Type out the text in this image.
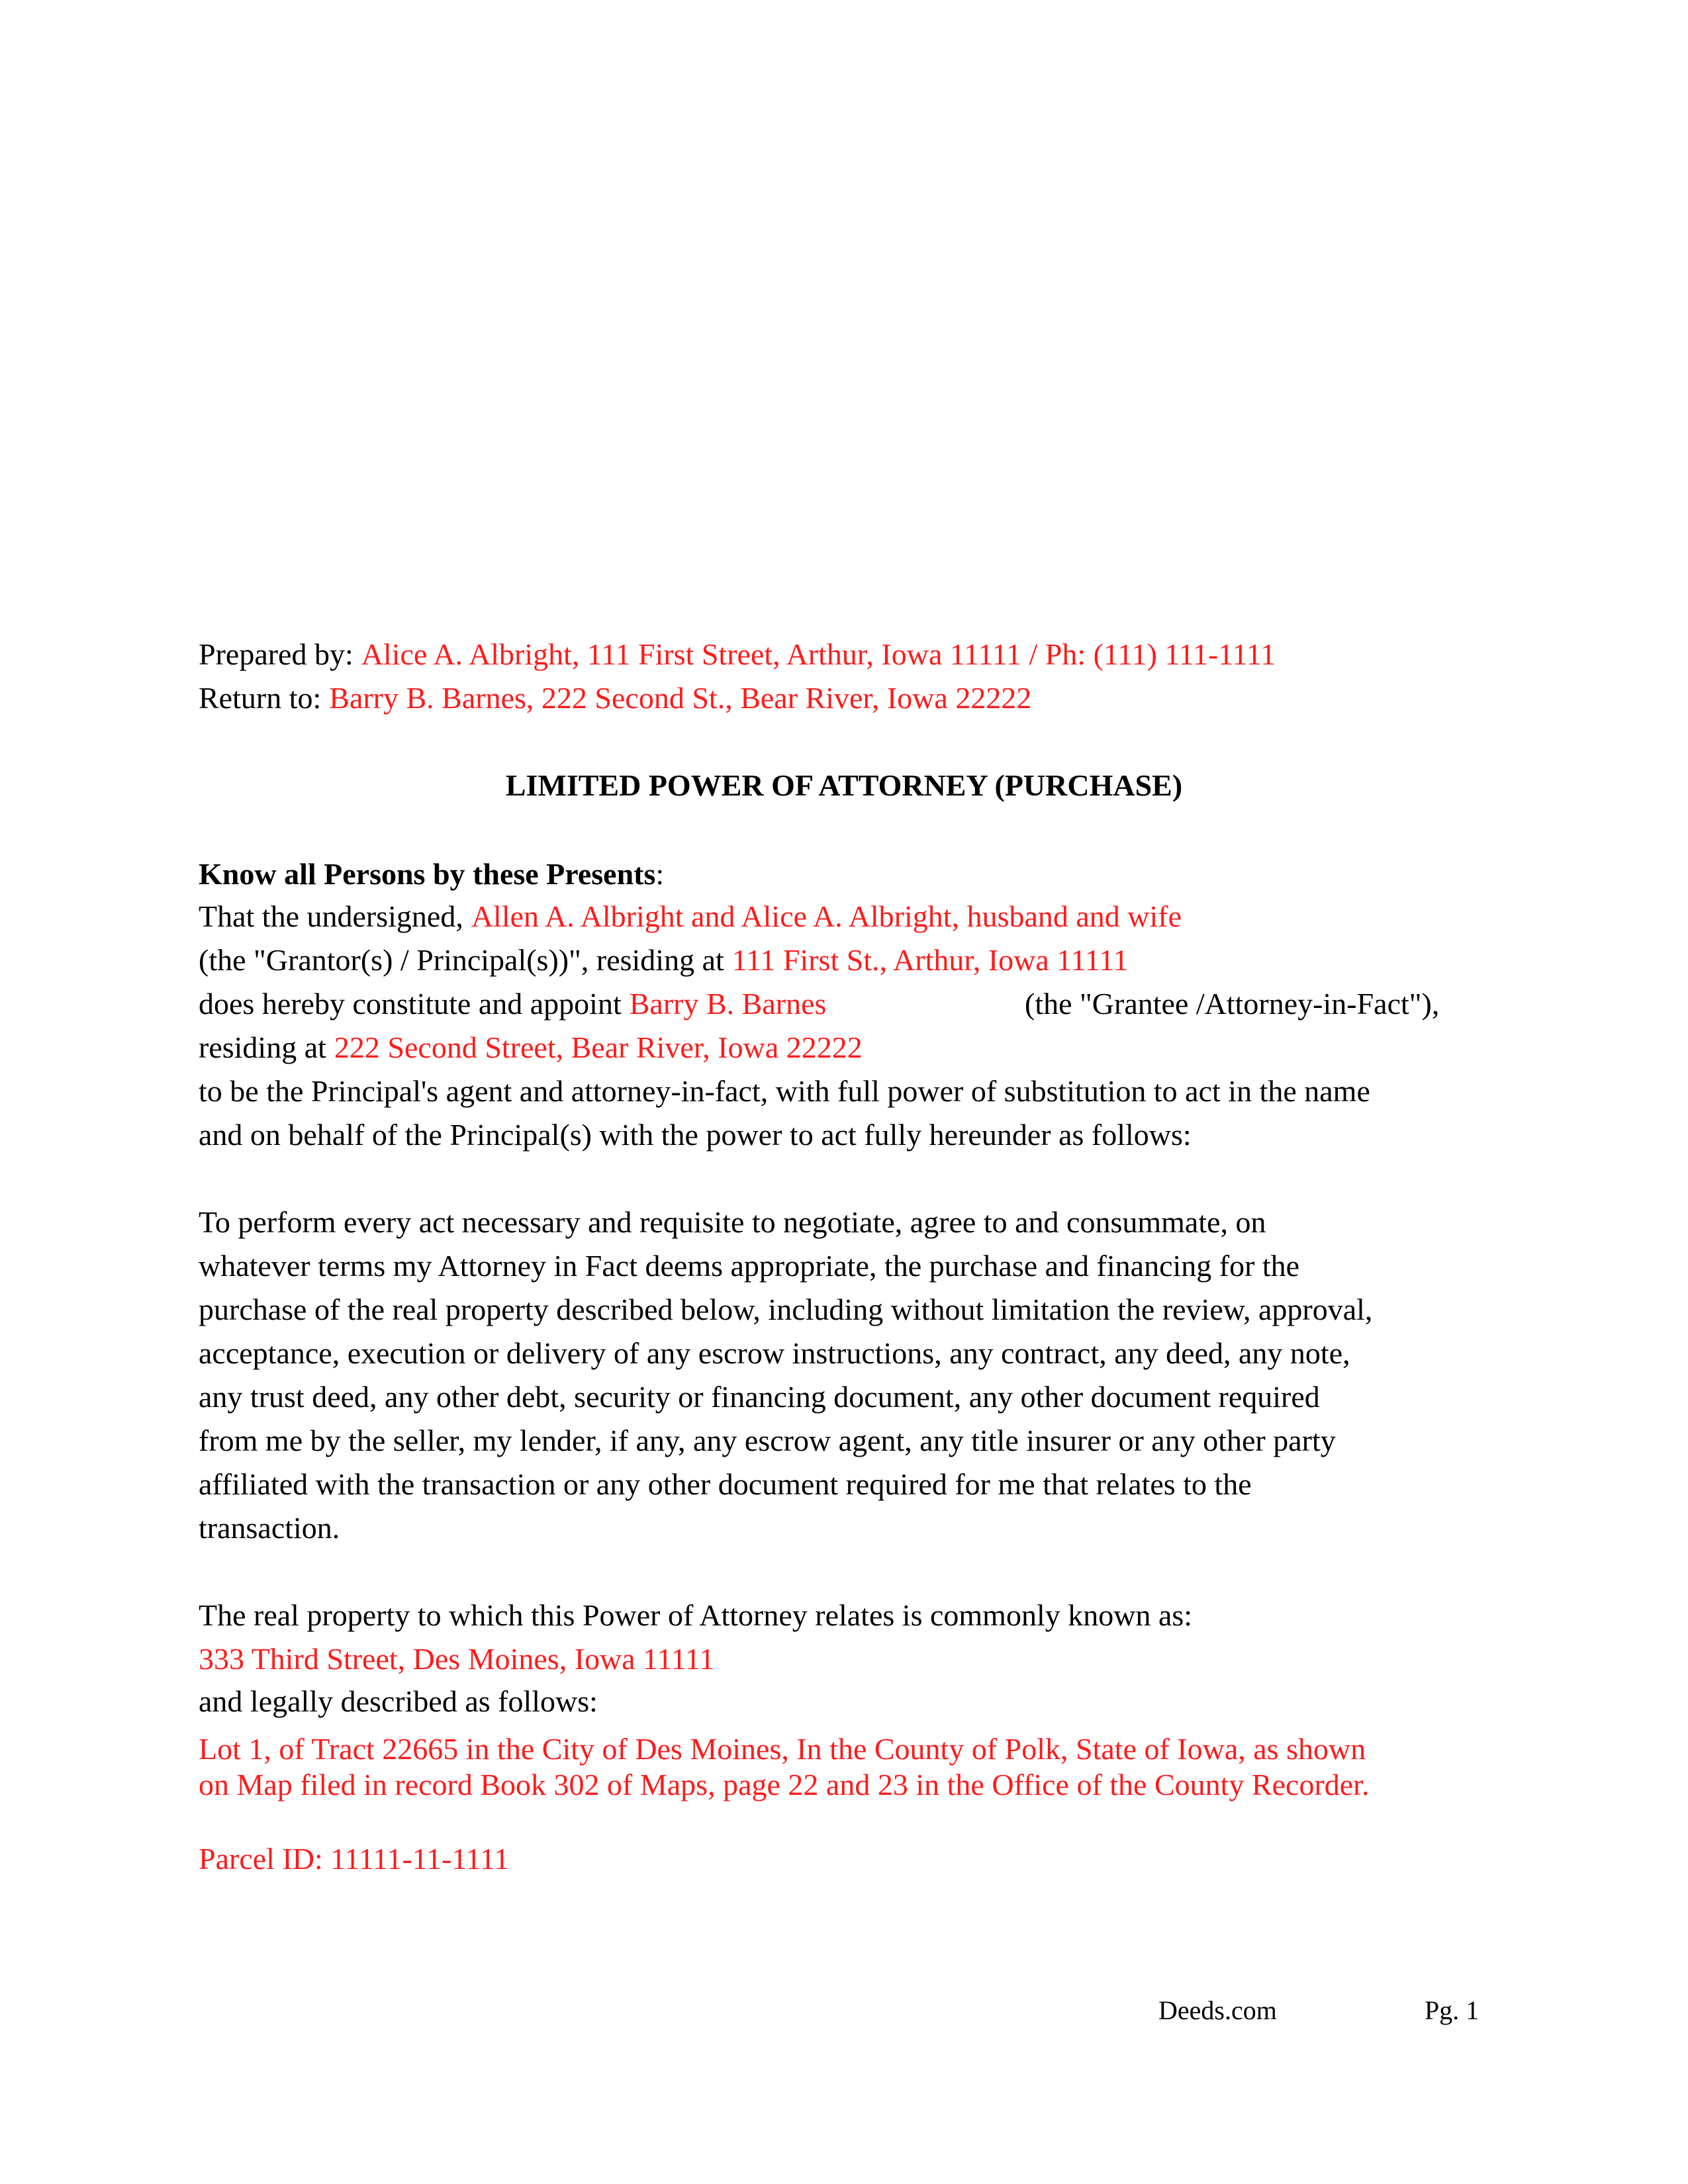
Prepared by: Alice A. Albright, 111 First Street, Arthur, Iowa 11111 / Ph: (111) 111-1111
Return to: Barry B. Barnes, 222 Second St., Bear River, Iowa 22222
LIMITED POWER OF ATTORNEY (PURCHASE)
Know all Persons by these Presents:
That the undersigned, Allen A. Albright and Alice A. Albright, husband and wife
(the "Grantor(s) / Principal(s))", residing at 111 First St., Arthur, Iowa 11111
does hereby constitute and appoint Barry B. Barnes	(the "Grantee /Attorney-in-Fact"),
residing at 222 Second Street, Bear River, Iowa 22222
to be the Principal's agent and attorney-in-fact, with full power of substitution to act in the name
and on behalf of the Principal(s) with the power to act fully hereunder as follows:
To perform every act necessary and requisite to negotiate, agree to and consummate, on
whatever terms my Attorney in Fact deems appropriate, the purchase and financing for the
purchase of the real property described below, including without limitation the review, approval,
acceptance, execution or delivery of any escrow instructions, any contract, any deed, any note,
any trust deed, any other debt, security or financing document, any other document required
from me by the seller, my lender, if any, any escrow agent, any title insurer or any other party
affiliated with the transaction or any other document required for me that relates to the
transaction.
The real property to which this Power of Attorney relates is commonly known as:
333 Third Street, Des Moines, Iowa 11111
and legally described as follows:
Lot 1, of Tract 22665 in the City of Des Moines, In the County of Polk, State of Iowa, as shown
on Map filed in record Book 302 of Maps, page 22 and 23 in the Office of the County Recorder.
Parcel ID: 11111-11-1111
Deeds.com	Pg. 1
